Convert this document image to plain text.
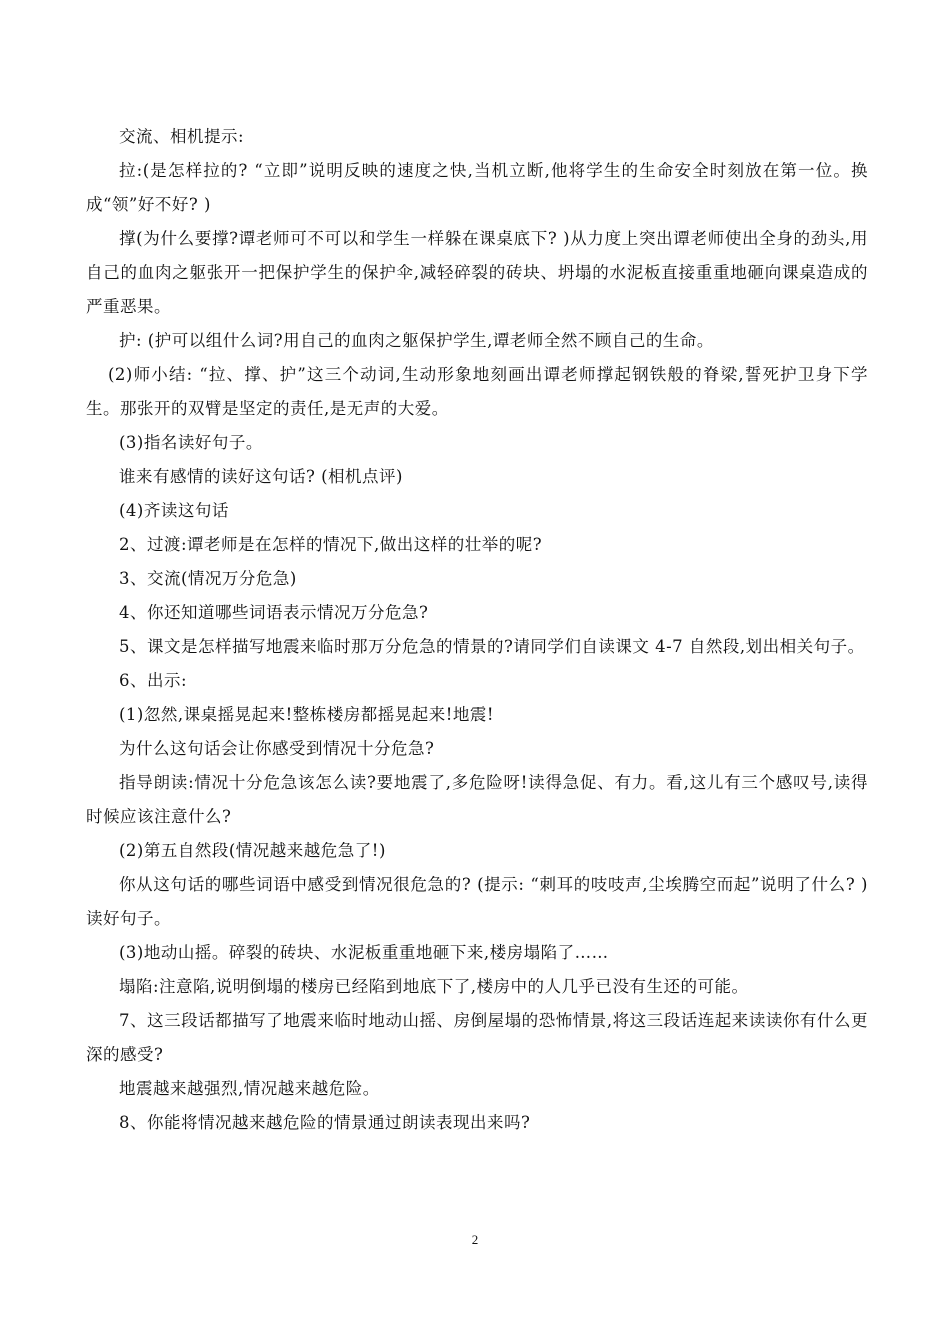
交流、相机提示:

拉:(是怎样拉的? “立即”说明反映的速度之快,当机立断,他将学生的生命安全时刻放在第一位。换成“领”好不好? )

撑(为什么要撑?谭老师可不可以和学生一样躲在课桌底下? )从力度上突出谭老师使出全身的劲头,用自己的血肉之躯张开一把保护学生的保护伞,减轻碎裂的砖块、坍塌的水泥板直接重重地砸向课桌造成的严重恶果。

护: (护可以组什么词?用自己的血肉之躯保护学生,谭老师全然不顾自己的生命。

(2)师小结: “拉、撑、护”这三个动词,生动形象地刻画出谭老师撑起钢铁般的脊梁,誓死护卫身下学生。那张开的双臂是坚定的责任,是无声的大爱。

(3)指名读好句子。

谁来有感情的读好这句话? (相机点评)

(4)齐读这句话

2、过渡:谭老师是在怎样的情况下,做出这样的壮举的呢?

3、交流(情况万分危急)

4、你还知道哪些词语表示情况万分危急?

5、课文是怎样描写地震来临时那万分危急的情景的?请同学们自读课文 4-7 自然段,划出相关句子。

6、出示:

(1)忽然,课桌摇晃起来!整栋楼房都摇晃起来!地震!

为什么这句话会让你感受到情况十分危急?

指导朗读:情况十分危急该怎么读?要地震了,多危险呀!读得急促、有力。看,这儿有三个感叹号,读得时候应该注意什么?

(2)第五自然段(情况越来越危急了!)

你从这句话的哪些词语中感受到情况很危急的? (提示: “刺耳的吱吱声,尘埃腾空而起”说明了什么? )读好句子。

(3)地动山摇。碎裂的砖块、水泥板重重地砸下来,楼房塌陷了……

塌陷:注意陷,说明倒塌的楼房已经陷到地底下了,楼房中的人几乎已没有生还的可能。

7、这三段话都描写了地震来临时地动山摇、房倒屋塌的恐怖情景,将这三段话连起来读读你有什么更深的感受?

地震越来越强烈,情况越来越危险。

8、你能将情况越来越危险的情景通过朗读表现出来吗?

2
